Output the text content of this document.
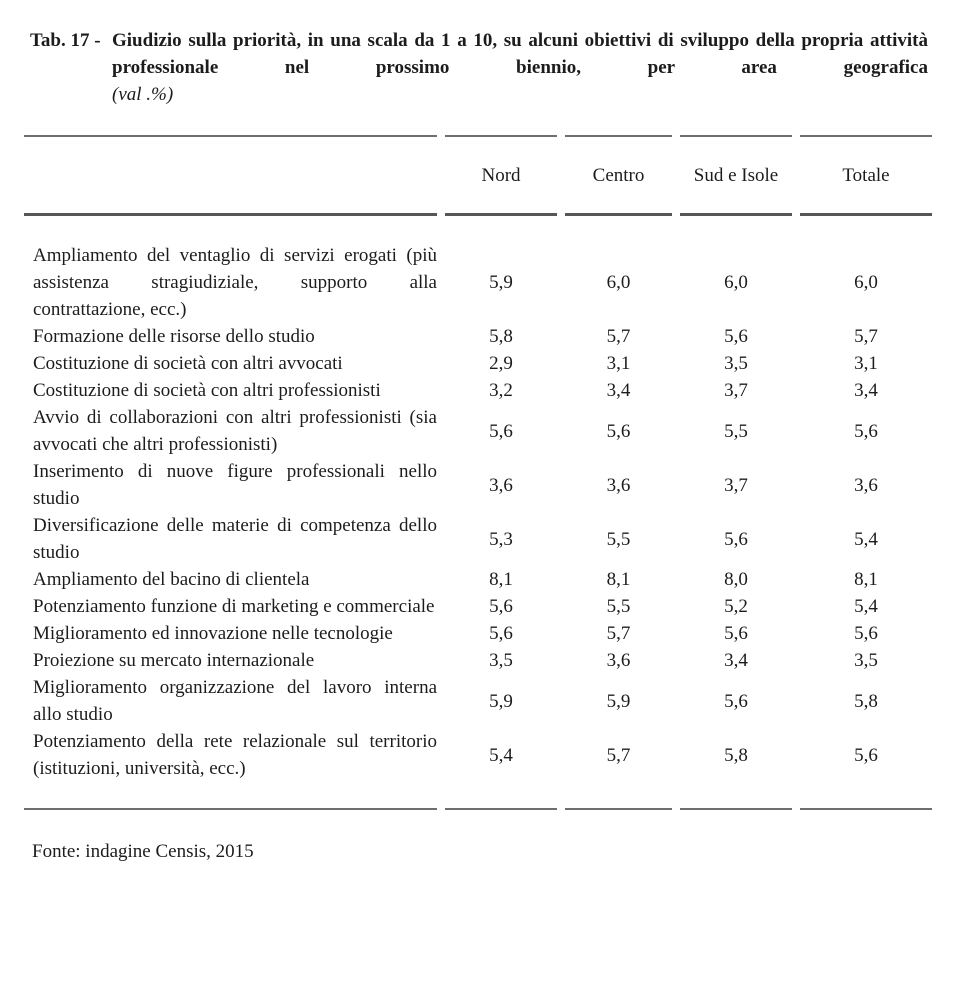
Tab. 17 - Giudizio sulla priorità, in una scala da 1 a 10, su alcuni obiettivi di sviluppo della propria attività professionale nel prossimo biennio, per area geografica

(val .%)

	Nord	Centro	Sud e Isole	Totale
Ampliamento del ventaglio di servizi erogati (più assistenza stragiudiziale, supporto alla contrattazione, ecc.)	5,9	6,0	6,0	6,0
Formazione delle risorse dello studio	5,8	5,7	5,6	5,7
Costituzione di società con altri avvocati	2,9	3,1	3,5	3,1
Costituzione di società con altri professionisti	3,2	3,4	3,7	3,4
Avvio di collaborazioni con altri professionisti (sia avvocati che altri professionisti)	5,6	5,6	5,5	5,6
Inserimento di nuove figure professionali nello studio	3,6	3,6	3,7	3,6
Diversificazione delle materie di competenza dello studio	5,3	5,5	5,6	5,4
Ampliamento del bacino di clientela	8,1	8,1	8,0	8,1
Potenziamento funzione di marketing e commerciale	5,6	5,5	5,2	5,4
Miglioramento ed innovazione nelle tecnologie	5,6	5,7	5,6	5,6
Proiezione su mercato internazionale	3,5	3,6	3,4	3,5
Miglioramento organizzazione del lavoro interna allo studio	5,9	5,9	5,6	5,8
Potenziamento della rete relazionale sul territorio (istituzioni, università, ecc.)	5,4	5,7	5,8	5,6

Fonte: indagine Censis, 2015
